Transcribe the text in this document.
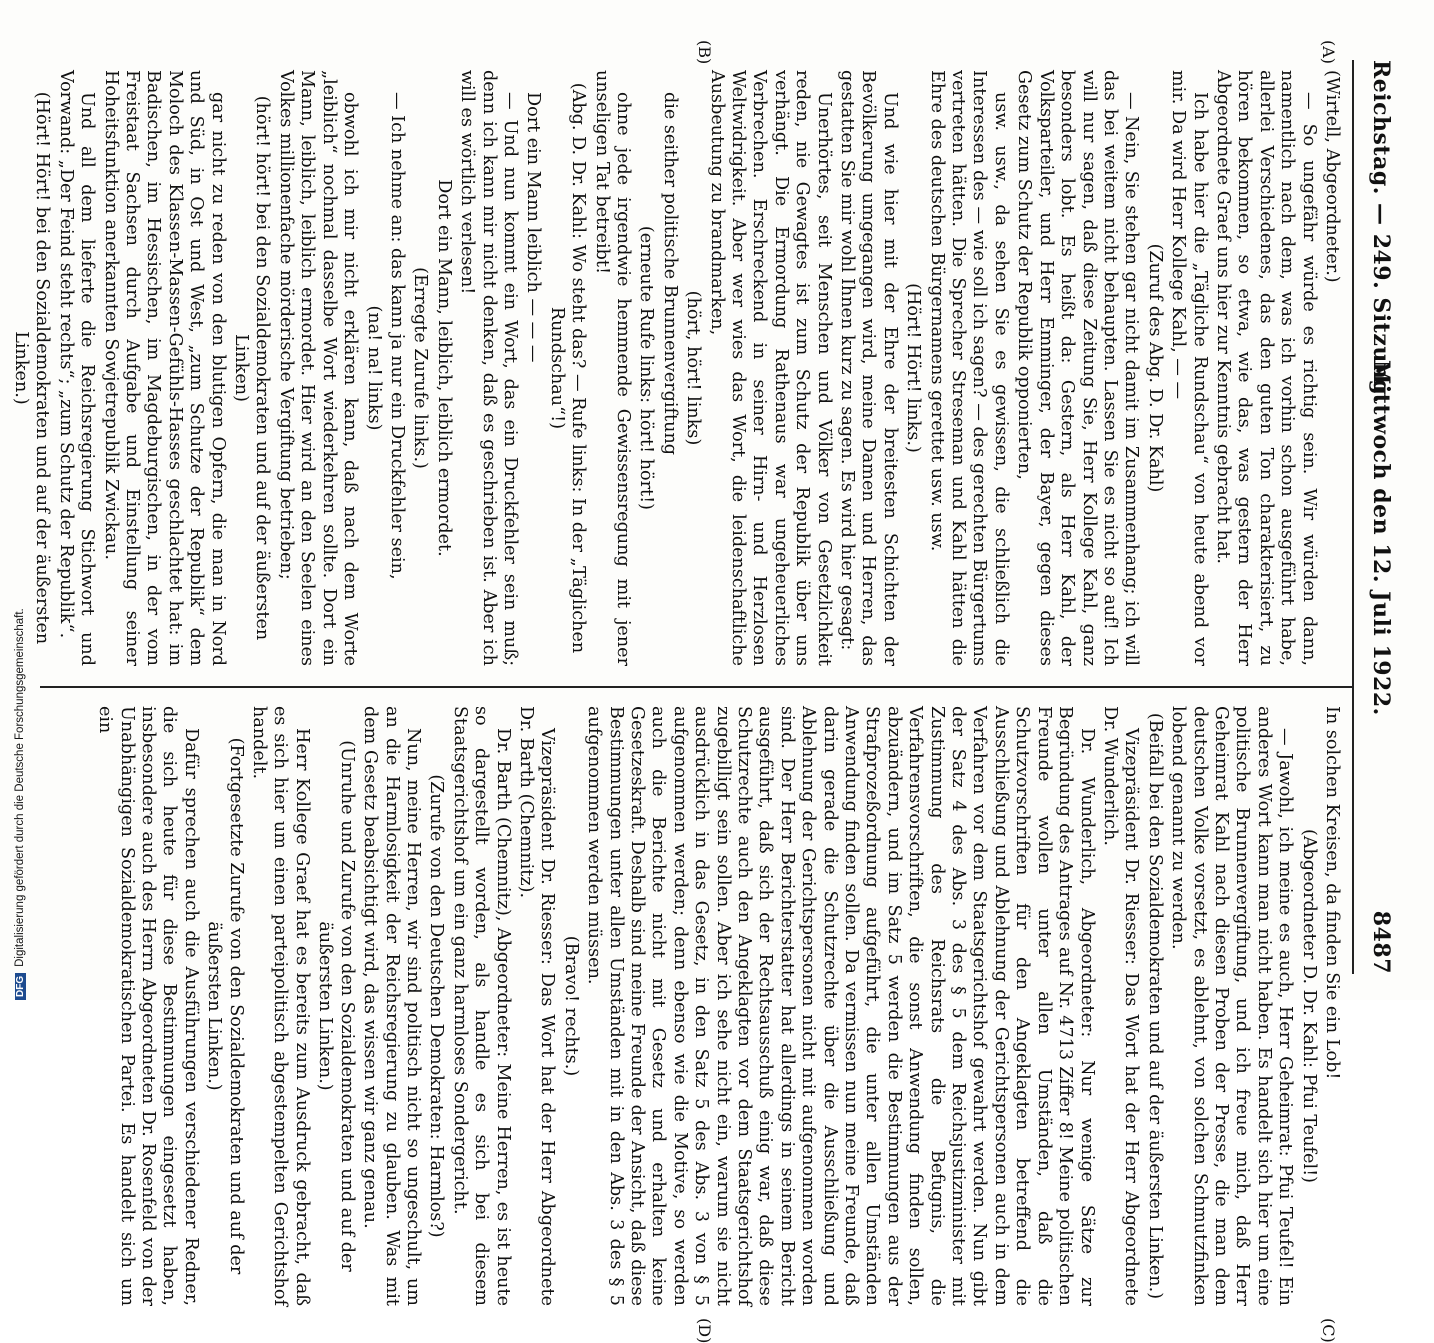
Reichstag. — 249. Sitzung.
Mittwoch den 12. Juli 1922.
8487
(A)
(B)
(C)
(D)

(Wirtell, Abgeordneter.)

— So ungefähr würde es richtig sein. Wir würden dann, namentlich nach dem, was ich vorhin schon ausgeführt habe, allerlei Verschiedenes, das den guten Ton charakterisiert, zu hören bekommen, so etwa, wie das, was gestern der Herr Abgeordnete Graef uns hier zur Kenntnis gebracht hat.

Ich habe hier die „Tägliche Rundschau“ von heute abend vor mir. Da wird Herr Kollege Kahl, — —

(Zuruf des Abg. D. Dr. Kahl)

— Nein, Sie stehen gar nicht damit im Zusammenhang; ich will das bei weitem nicht behaupten. Lassen Sie es nicht so auf! Ich will nur sagen, daß diese Zeitung Sie, Herr Kollege Kahl, ganz besonders lobt. Es heißt da: Gestern, als Herr Kahl, der Volksparteiler, und Herr Emminger, der Bayer, gegen dieses Gesetz zum Schutz der Republik opponierten,

usw. usw., da sehen Sie es gewissen, die schließlich die Interessen des — wie soll ich sagen? — des gerechten Bürgertums vertreten hätten. Die Sprecher Streseman und Kahl hätten die Ehre des deutschen Bürgernamens gerettet usw. usw.

(Hört! Hört! links.)

Und wie hier mit der Ehre der breitesten Schichten der Bevölkerung umgegangen wird, meine Damen und Herren, das gestatten Sie mir wohl Ihnen kurz zu sagen. Es wird hier gesagt:

Unerhörtes, seit Menschen und Völker von Gesetzlichkeit reden, nie Gewagtes ist zum Schutz der Republik über uns verhängt. Die Ermordung Rathenaus war ungeheuerliches Verbrechen. Erschreckend in seiner Hirn- und Herzlosen Weltwidrigkeit. Aber wer wies das Wort, die leidenschaftliche Ausbeutung zu brandmarken,

(hört, hört! links)

die seither politische Brunnenvergiftung

(erneute Rufe links: hört! hört!)

ohne jede irgendwie hemmende Gewissensregung mit jener unseligen Tat betreibt!

(Abg. D. Dr. Kahl: Wo steht das? — Rufe links: In der „Täglichen Rundschau“!)

Dort ein Mann leiblich — — —

— Und nun kommt ein Wort, das ein Druckfehler sein muß; denn ich kann mir nicht denken, daß es geschrieben ist. Aber ich will es wörtlich verlesen!

Dort ein Mann, leiblich, leiblich ermordet.

(Erregte Zurufe links.)

— Ich nehme an: das kann ja nur ein Druckfehler sein,

(na! na! links)

obwohl ich mir nicht erklären kann, daß nach dem Worte „leiblich“ nochmal dasselbe Wort wiederkehren sollte. Dort ein Mann, leiblich, leiblich ermordet. Hier wird an den Seelen eines Volkes millionenfache mörderische Vergiftung betrieben;

(hört! hört! bei den Sozialdemokraten und auf der äußersten Linken)

gar nicht zu reden von den blutigen Opfern, die man in Nord und Süd, in Ost und West, „zum Schutze der Republik“ dem Moloch des Klassen-Massen-Gefühls-Hasses geschlachtet hat: im Badischen, im Hessischen, im Magdeburgischen, in der vom Freistaat Sachsen durch Aufgabe und Einstellung seiner Hoheitsfunktion anerkannten Sowjetrepublik Zwickau.

Und all dem lieferte die Reichsregierung Stichwort und Vorwand: „Der Feind steht rechts“; „zum Schutz der Republik“.

(Hört! Hört! bei den Sozialdemokraten und auf der äußersten Linken.)

In solchen Kreisen, da finden Sie ein Lob!

(Abgeordneter D. Dr. Kahl: Pfui Teufel!)

— Jawohl, ich meine es auch, Herr Geheimrat: Pfui Teufel! Ein anderes Wort kann man nicht haben. Es handelt sich hier um eine politische Brunnenvergiftung, und ich freue mich, daß Herr Geheimrat Kahl nach diesen Proben der Presse, die man dem deutschen Volke vorsetzt, es ablehnt, von solchen Schmutzfinken lobend genannt zu werden.

(Beifall bei den Sozialdemokraten und auf der äußersten Linken.)

Vizepräsident Dr. Riesser: Das Wort hat der Herr Abgeordnete Dr. Wunderlich.

Dr. Wunderlich, Abgeordneter: Nur wenige Sätze zur Begründung des Antrages auf Nr. 4713 Ziffer 8! Meine politischen Freunde wollen unter allen Umständen, daß die Schutzvorschriften für den Angeklagten betreffend die Ausschließung und Ablehnung der Gerichtspersonen auch in dem Verfahren vor dem Staatsgerichtshof gewahrt werden. Nun gibt der Satz 4 des Abs. 3 des § 5 dem Reichsjustizminister mit Zustimmung des Reichsrats die Befugnis, die Verfahrensvorschriften, die sonst Anwendung finden sollen, abzuändern, und im Satz 5 werden die Bestimmungen aus der Strafprozeßordnung aufgeführt, die unter allen Umständen Anwendung finden sollen. Da vermissen nun meine Freunde, daß darin gerade die Schutzrechte über die Ausschließung und Ablehnung der Gerichtspersonen nicht mit aufgenommen worden sind. Der Herr Berichterstatter hat allerdings in seinem Bericht ausgeführt, daß sich der Rechtsausschuß einig war, daß diese Schutzrechte auch den Angeklagten vor dem Staatsgerichtshof zugebilligt sein sollen. Aber ich sehe nicht ein, warum sie nicht ausdrücklich in das Gesetz, in den Satz 5 des Abs. 3 von § 5 aufgenommen werden; denn ebenso wie die Motive, so werden auch die Berichte nicht mit Gesetz und erhalten keine Gesetzeskraft. Deshalb sind meine Freunde der Ansicht, daß diese Bestimmungen unter allen Umständen mit in den Abs. 3 des § 5 aufgenommen werden müssen.

(Bravo! rechts.)

Vizepräsident Dr. Riesser: Das Wort hat der Herr Abgeordnete Dr. Barth (Chemnitz).

Dr. Barth (Chemnitz), Abgeordneter: Meine Herren, es ist heute so dargestellt worden, als handle es sich bei diesem Staatsgerichtshof um ein ganz harmloses Sondergericht.

(Zurufe von den Deutschen Demokraten: Harmlos?)

Nun, meine Herren, wir sind politisch nicht so ungeschult, um an die Harmlosigkeit der Reichsregierung zu glauben. Was mit dem Gesetz beabsichtigt wird, das wissen wir ganz genau.

(Unruhe und Zurufe von den Sozialdemokraten und auf der äußersten Linken.)

Herr Kollege Graef hat es bereits zum Ausdruck gebracht, daß es sich hier um einen parteipolitisch abgestempelten Gerichtshof handelt.

(Fortgesetzte Zurufe von den Sozialdemokraten und auf der äußersten Linken.)

Dafür sprechen auch die Ausführungen verschiedener Redner, die sich heute für diese Bestimmungen eingesetzt haben, insbesondere auch des Herrn Abgeordneten Dr. Rosenfeld von der Unabhängigen Sozialdemokratischen Partei. Es handelt sich um ein

DFGDigitalisierung gefördert durch die Deutsche Forschungsgemeinschaft.
